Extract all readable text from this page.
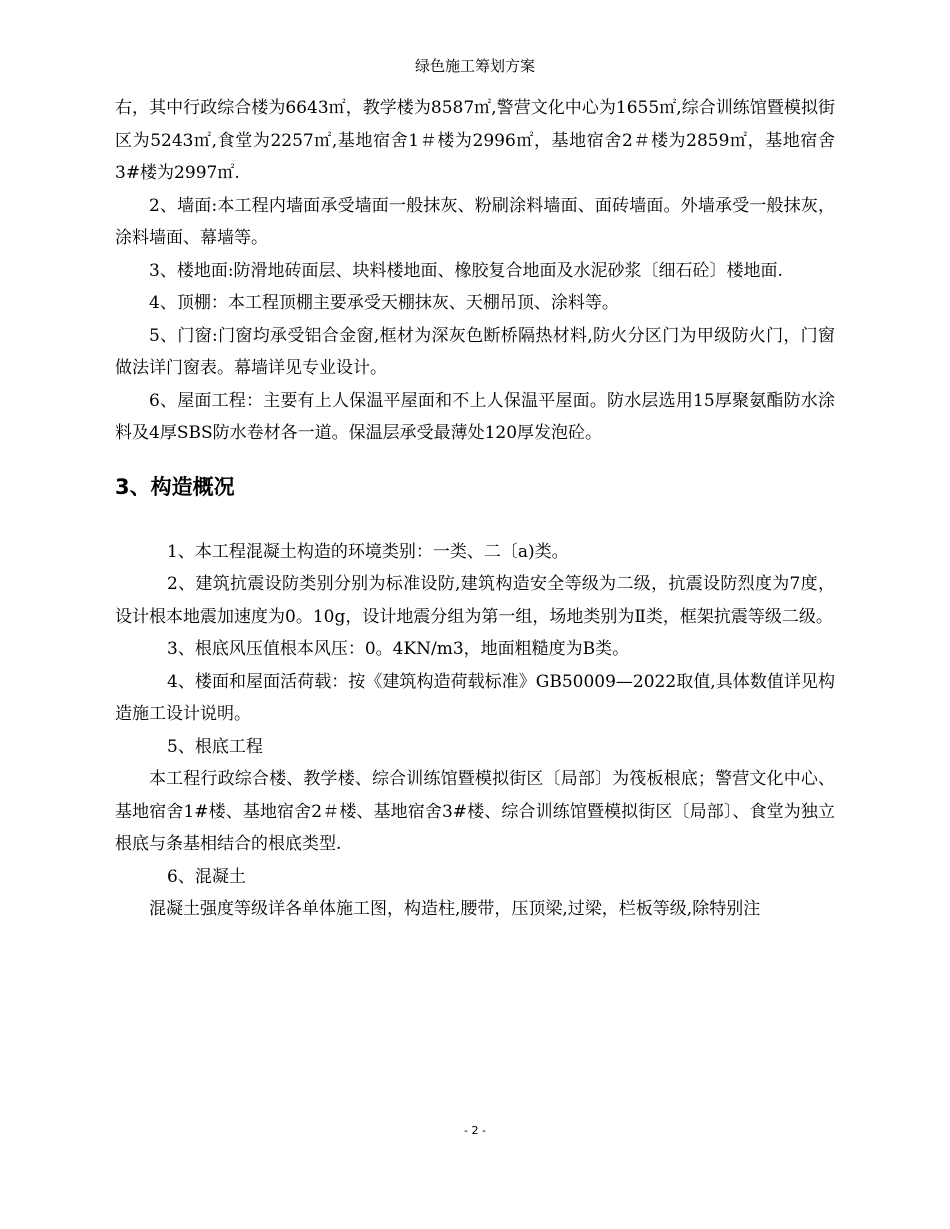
绿色施工筹划方案

右，其中行政综合楼为6643㎡，教学楼为8587㎡,警营文化中心为1655㎡,综合训练馆暨模拟街区为5243㎡,食堂为2257㎡,基地宿舍1＃楼为2996㎡，基地宿舍2＃楼为2859㎡，基地宿舍3#楼为2997㎡.

2、墙面:本工程内墙面承受墙面一般抹灰、粉刷涂料墙面、面砖墙面。外墙承受一般抹灰，涂料墙面、幕墙等。

3、楼地面:防滑地砖面层、块料楼地面、橡胶复合地面及水泥砂浆〔细石砼〕楼地面.

4、顶棚：本工程顶棚主要承受天棚抹灰、天棚吊顶、涂料等。

5、门窗:门窗均承受铝合金窗,框材为深灰色断桥隔热材料,防火分区门为甲级防火门，门窗做法详门窗表。幕墙详见专业设计。

6、屋面工程：主要有上人保温平屋面和不上人保温平屋面。防水层选用15厚聚氨酯防水涂料及4厚SBS防水卷材各一道。保温层承受最薄处120厚发泡砼。

3、构造概况

1、本工程混凝土构造的环境类别：一类、二〔a)类。

2、建筑抗震设防类别分别为标准设防,建筑构造安全等级为二级，抗震设防烈度为7度，设计根本地震加速度为0。10g，设计地震分组为第一组，场地类别为Ⅱ类，框架抗震等级二级。

3、根底风压值根本风压：0。4KN/m3，地面粗糙度为B类。

4、楼面和屋面活荷载：按《建筑构造荷载标准》GB50009—2022取值,具体数值详见构造施工设计说明。

5、根底工程

本工程行政综合楼、教学楼、综合训练馆暨模拟街区〔局部〕为筏板根底；警营文化中心、基地宿舍1#楼、基地宿舍2＃楼、基地宿舍3#楼、综合训练馆暨模拟街区〔局部〕、食堂为独立根底与条基相结合的根底类型.

6、混凝土

混凝土强度等级详各单体施工图，构造柱,腰带，压顶梁,过梁，栏板等级,除特别注

- 2 -
